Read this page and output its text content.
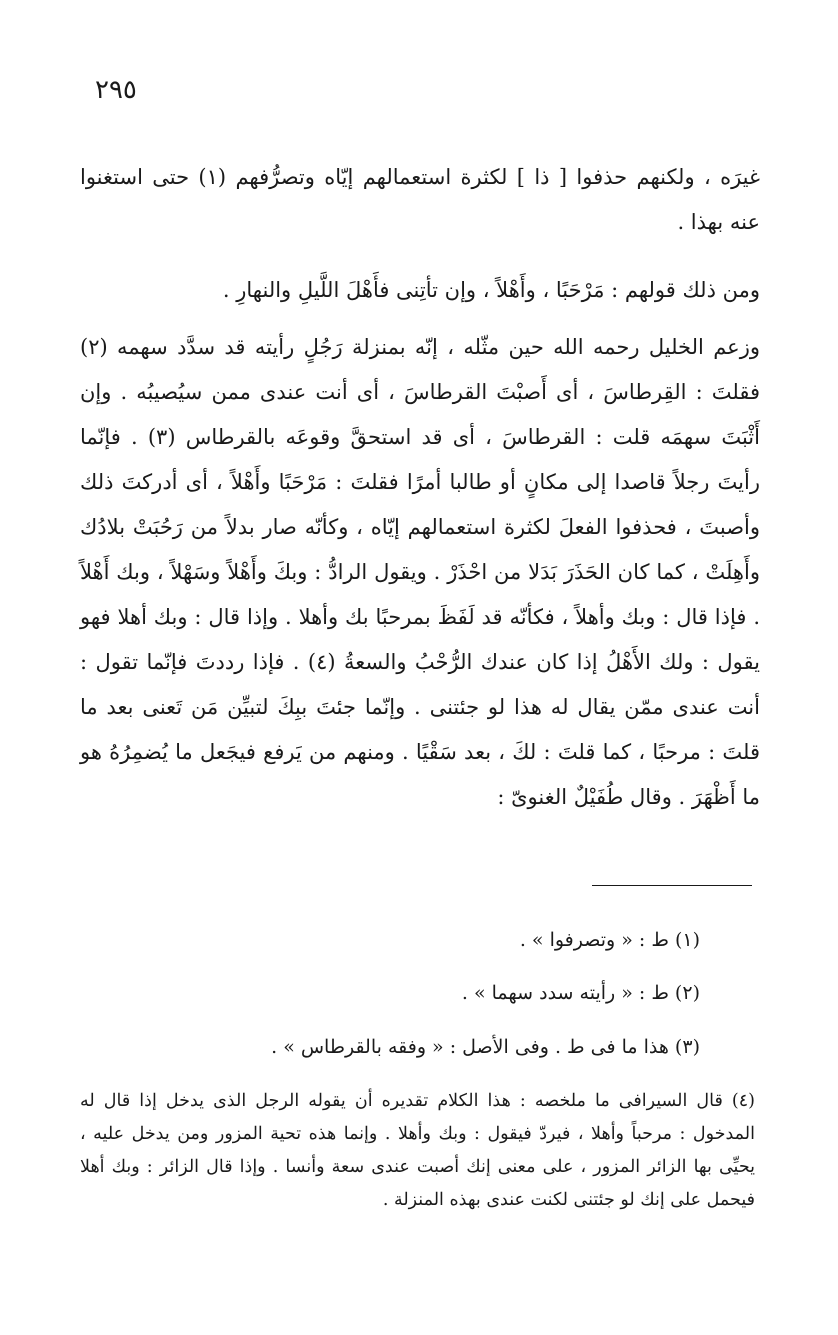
٢٩٥

غيرَه ، ولكنهم حذفوا [ ذا ] لكثرة استعمالهم إيّاه وتصرُّفهم (١) حتى استغنوا عنه بهذا .

ومن ذلك قولهم : مَرْحَبًا ، وأَهْلاً ، وإن تأتِنى فأَهْلَ اللَّيلِ والنهارِ .

وزعم الخليل رحمه الله حين مثّله ، إنّه بمنزلة رَجُلٍ رأيته قد سدَّد سهمه (٢) فقلتَ : القِرطاسَ ، أى أَصبْتَ القرطاسَ ، أى أنت عندى ممن سيُصيبُه . وإن أَثْبَتَ سهمَه قلت : القرطاسَ ، أى قد استحقَّ وقوعَه بالقرطاس (٣) . فإنّما رأيتَ رجلاً قاصدا إلى مكانٍ أو طالبا أمرًا فقلتَ : مَرْحَبًا وأَهْلاً ، أى أدركتَ ذلك وأصبتَ ، فحذفوا الفعلَ لكثرة استعمالهم إيّاه ، وكأنّه صار بدلاً من رَحُبَتْ بلادُك وأَهِلَتْ ، كما كان الحَذَرَ بَدَلا من احْذَرْ . ويقول الرادُّ : وبكَ وأَهْلاً وسَهْلاً ، وبك أَهْلاً . فإذا قال : وبك وأهلاً ، فكأنّه قد لَفَظَ بمرحبًا بك وأهلا . وإذا قال : وبك أهلا فهو يقول : ولك الأَهْلُ إذا كان عندك الرُّحْبُ والسعةُ (٤) . فإذا رددتَ فإنّما تقول : أنت عندى ممّن يقال له هذا لو جئتنى . وإنّما جئتَ ببِكَ لتبيِّن مَن تَعنى بعد ما قلتَ : مرحبًا ، كما قلتَ : لكَ ، بعد سَقْيًا . ومنهم من يَرفع فيجَعل ما يُضمِرُهُ هو ما أَظْهَرَ . وقال طُفَيْلٌ الغنوىّ :

(١) ط : « وتصرفوا » .
(٢) ط : « رأيته سدد سهما » .
(٣) هذا ما فى ط . وفى الأصل : « وفقه بالقرطاس » .
(٤) قال السيرافى ما ملخصه : هذا الكلام تقديره أن يقوله الرجل الذى يدخل إذا قال له المدخول : مرحباً وأهلا ، فيردّ فيقول : وبك وأهلا . وإنما هذه تحية المزور ومن يدخل عليه ، يحيِّى بها الزائر المزور ، على معنى إنك أصبت عندى سعة وأنسا . وإذا قال الزائر : وبك أهلا فيحمل على إنك لو جئتنى لكنت عندى بهذه المنزلة .
